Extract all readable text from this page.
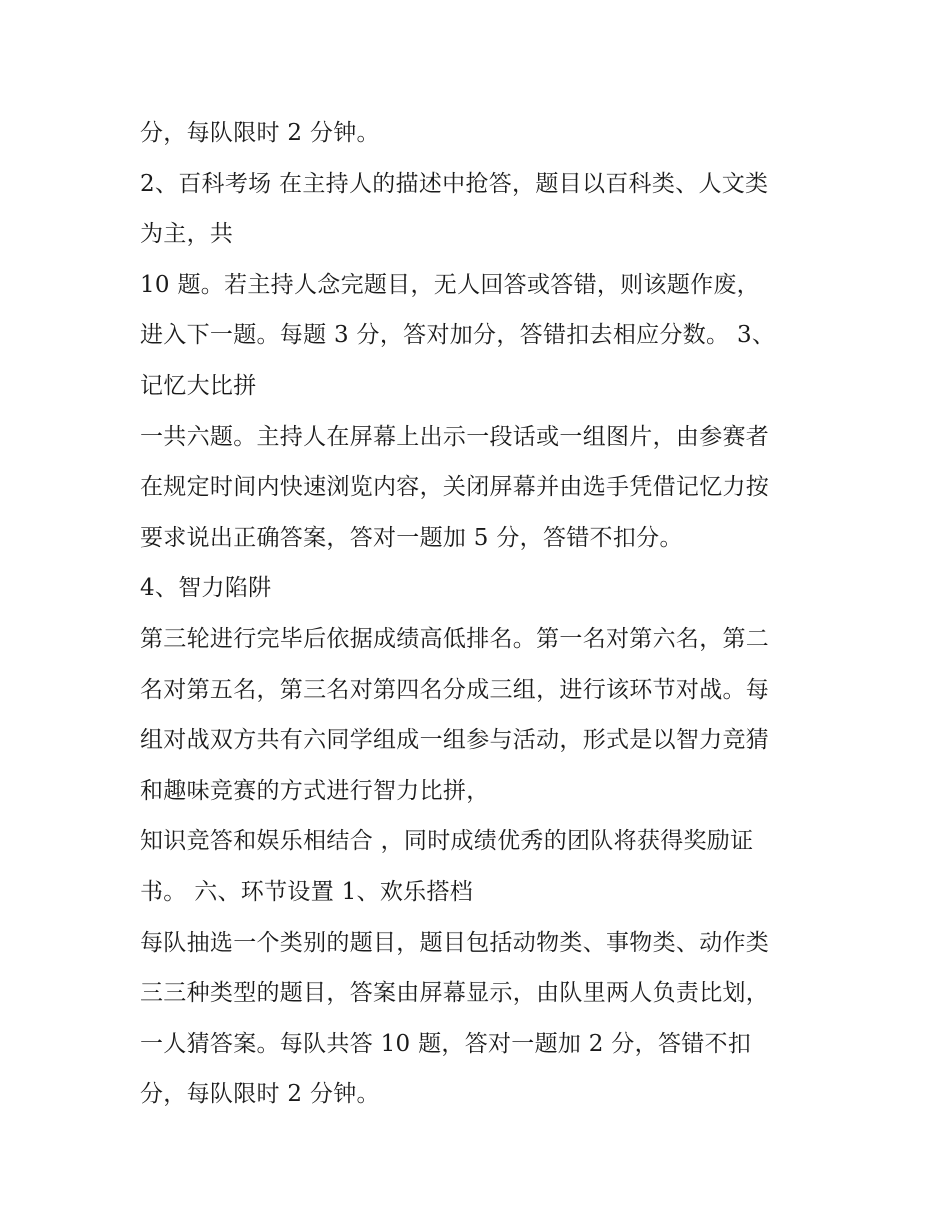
分，每队限时 2 分钟。
2、百科考场 在主持人的描述中抢答，题目以百科类、人文类
为主，共
10 题。若主持人念完题目，无人回答或答错，则该题作废，
进入下一题。每题 3 分，答对加分，答错扣去相应分数。 3、
记忆大比拼
一共六题。主持人在屏幕上出示一段话或一组图片，由参赛者
在规定时间内快速浏览内容，关闭屏幕并由选手凭借记忆力按
要求说出正确答案，答对一题加 5 分，答错不扣分。
4、智力陷阱
第三轮进行完毕后依据成绩高低排名。第一名对第六名，第二
名对第五名，第三名对第四名分成三组，进行该环节对战。每
组对战双方共有六同学组成一组参与活动，形式是以智力竞猜
和趣味竞赛的方式进行智力比拼，
知识竞答和娱乐相结合 ，同时成绩优秀的团队将获得奖励证
书。 六、环节设置 1、欢乐搭档
每队抽选一个类别的题目，题目包括动物类、事物类、动作类
三三种类型的题目，答案由屏幕显示，由队里两人负责比划，
一人猜答案。每队共答 10 题，答对一题加 2 分，答错不扣
分，每队限时 2 分钟。
